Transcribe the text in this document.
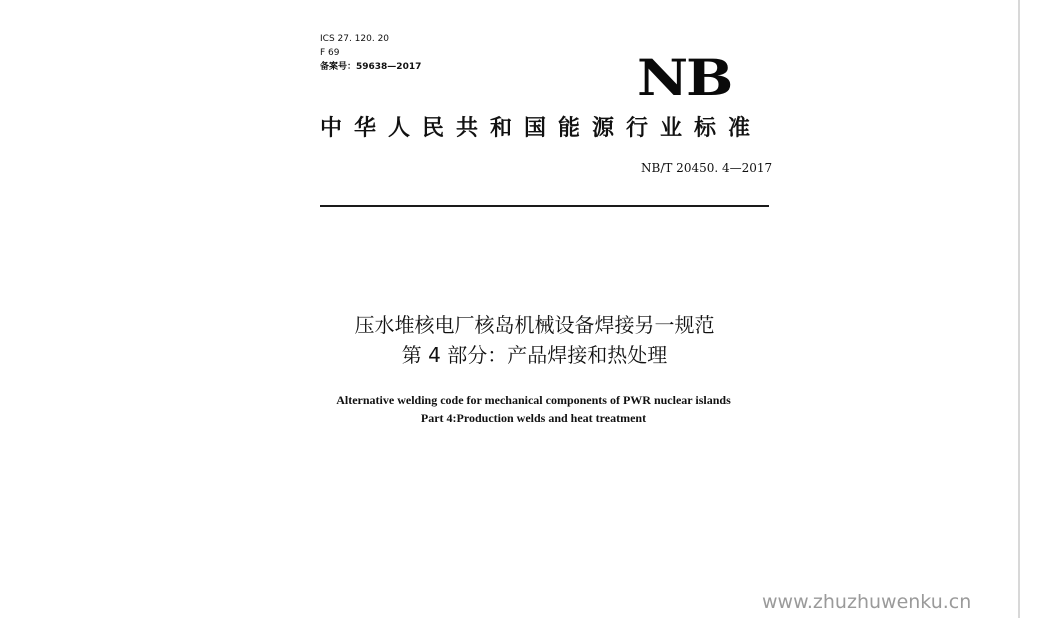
ICS 27. 120. 20
F 69
备案号：59638—2017	NB
中华人民共和国能源行业标准
NB/T 20450. 4—2017
压水堆核电厂核岛机械设备焊接另一规范
第 4 部分：产品焊接和热处理
Alternative welding code for mechanical components of PWR nuclear islands
Part 4:Production welds and heat treatment
www.zhuzhuwenku.cn
